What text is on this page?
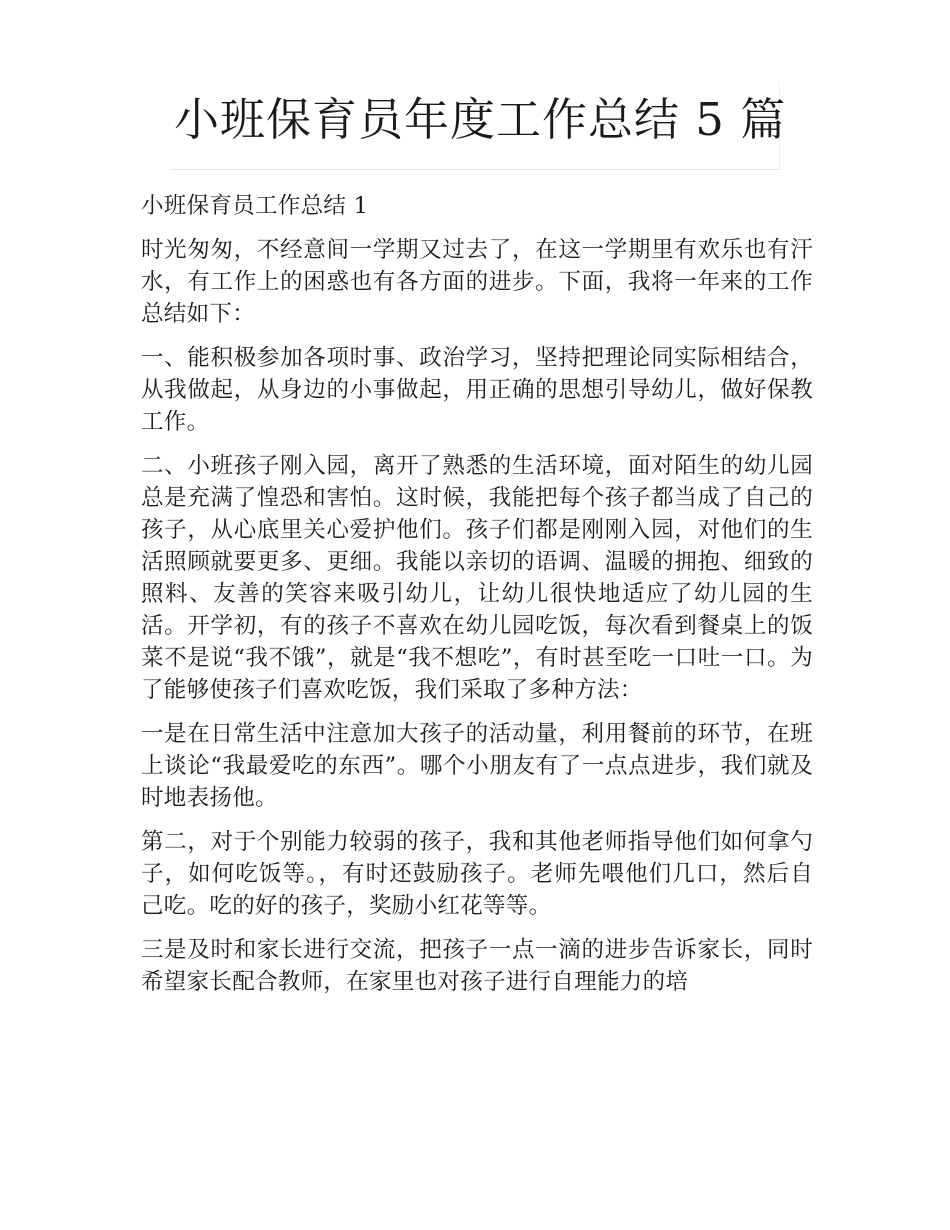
小班保育员年度工作总结 5 篇

小班保育员工作总结 1

时光匆匆，不经意间一学期又过去了，在这一学期里有欢乐也有汗水，有工作上的困惑也有各方面的进步。下面，我将一年来的工作总结如下：

一、能积极参加各项时事、政治学习，坚持把理论同实际相结合，从我做起，从身边的小事做起，用正确的思想引导幼儿，做好保教工作。

二、小班孩子刚入园，离开了熟悉的生活环境，面对陌生的幼儿园总是充满了惶恐和害怕。这时候，我能把每个孩子都当成了自己的孩子，从心底里关心爱护他们。孩子们都是刚刚入园，对他们的生活照顾就要更多、更细。我能以亲切的语调、温暖的拥抱、细致的照料、友善的笑容来吸引幼儿，让幼儿很快地适应了幼儿园的生活。开学初，有的孩子不喜欢在幼儿园吃饭，每次看到餐桌上的饭菜不是说“我不饿”，就是“我不想吃”，有时甚至吃一口吐一口。为了能够使孩子们喜欢吃饭，我们采取了多种方法：

一是在日常生活中注意加大孩子的活动量，利用餐前的环节，在班上谈论“我最爱吃的东西”。哪个小朋友有了一点点进步，我们就及时地表扬他。

第二，对于个别能力较弱的孩子，我和其他老师指导他们如何拿勺子，如何吃饭等。，有时还鼓励孩子。老师先喂他们几口，然后自己吃。吃的好的孩子，奖励小红花等等。

三是及时和家长进行交流，把孩子一点一滴的进步告诉家长，同时希望家长配合教师，在家里也对孩子进行自理能力的培
